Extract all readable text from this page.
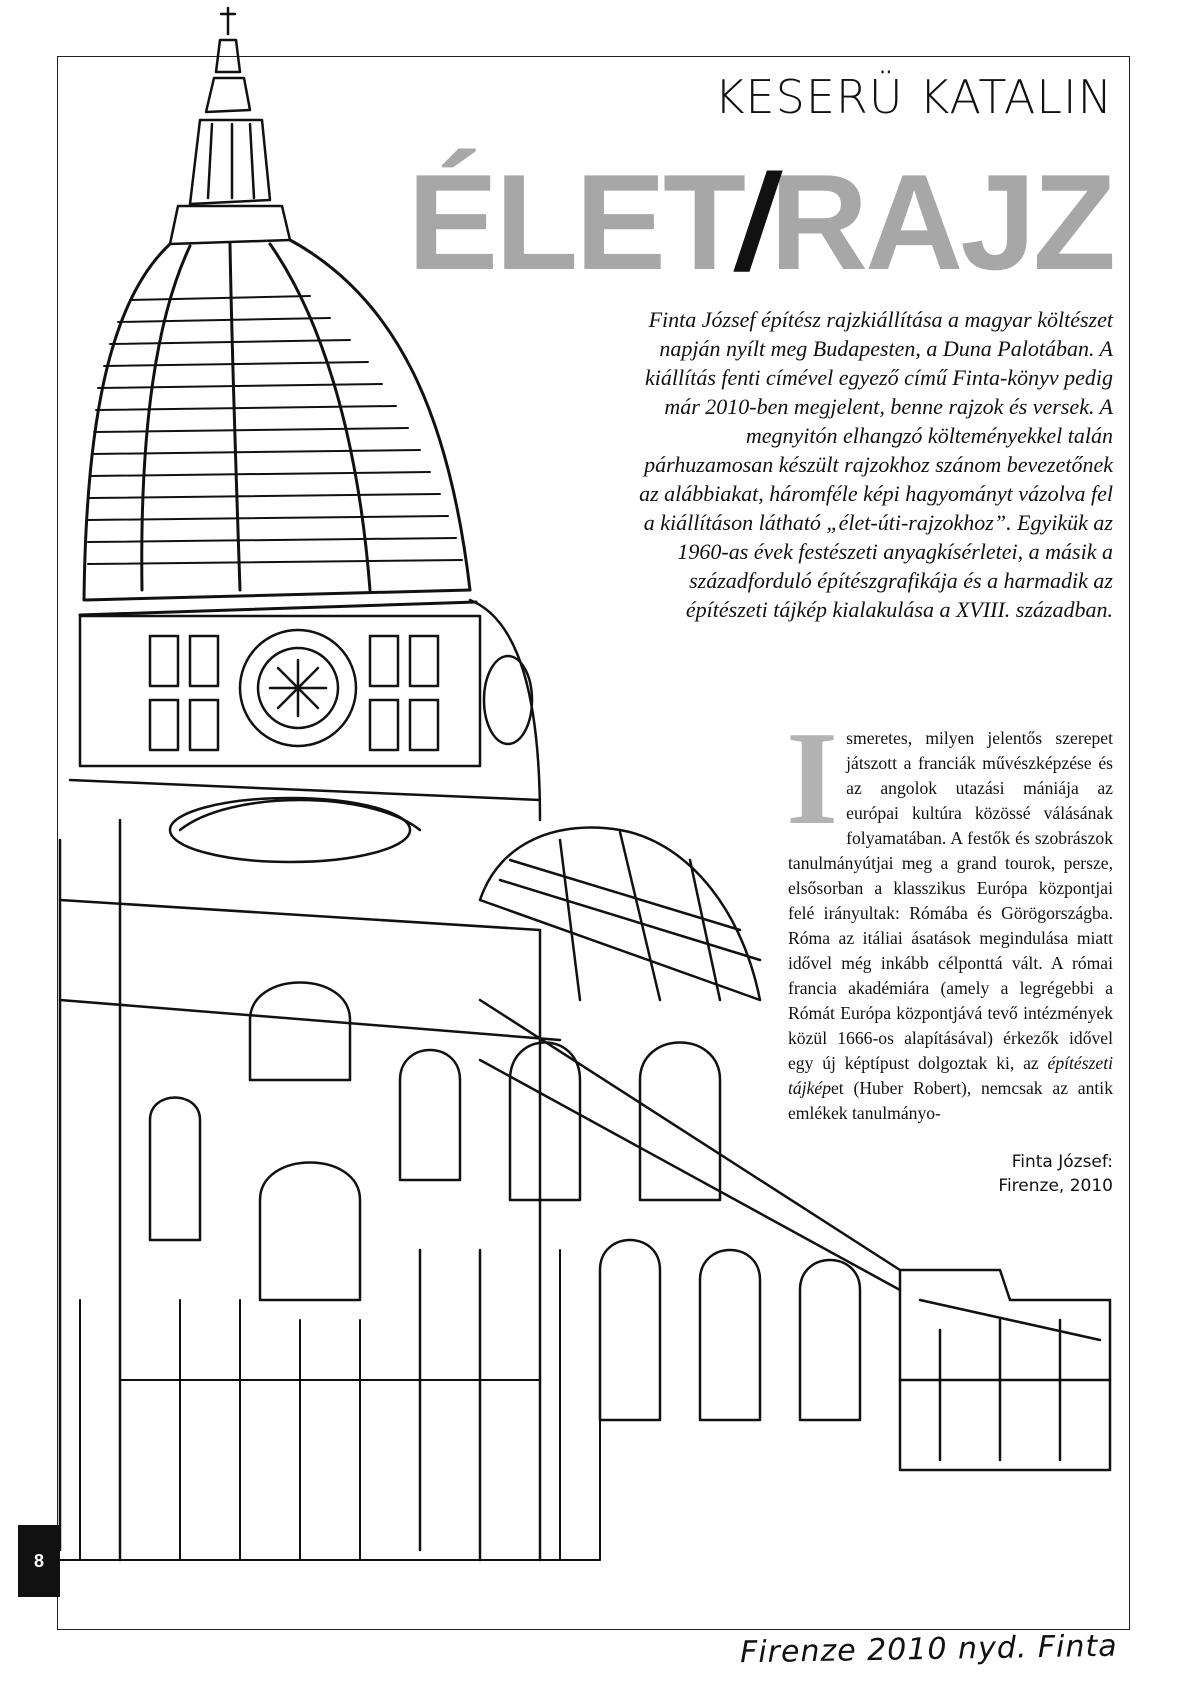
KESERÜ KATALIN
ÉLET
/
RAJZ
Finta József építész rajzkiállítása a magyar költészet napján nyílt meg Budapesten, a Duna Palotában. A kiállítás fenti címével egyező című Finta-könyv pedig már 2010-ben megjelent, benne rajzok és versek. A megnyitón elhangzó költeményekkel talán párhuzamosan készült rajzokhoz szánom bevezetőnek az alábbiakat, háromféle képi hagyományt vázolva fel a kiállításon látható „élet-úti-rajzokhoz”. Egyikük az 1960-as évek festészeti anyagkísérletei, a másik a századforduló építészgrafikája és a harmadik az építészeti tájkép kialakulása a XVIII. században.
Ismeretes, milyen jelentős szerepet játszott a franciák művészképzése és az angolok utazási mániája az európai kultúra közössé válásának folyamatában. A festők és szobrászok tanulmányútjai meg a grand tourok, persze, elsősorban a klasszikus Európa központjai felé irányultak: Rómába és Görögországba. Róma az itáliai ásatások megindulása miatt idővel még inkább célponttá vált. A római francia akadémiára (amely a legrégebbi a Rómát Európa központjává tevő intézmények közül 1666-os alapításával) érkezők idővel egy új képtípust dolgoztak ki, az építészeti tájképet (Huber Robert), nemcsak az antik emlékek tanulmányo-
Finta József:
Firenze, 2010
8
Firenze 2010 nyd. Finta
